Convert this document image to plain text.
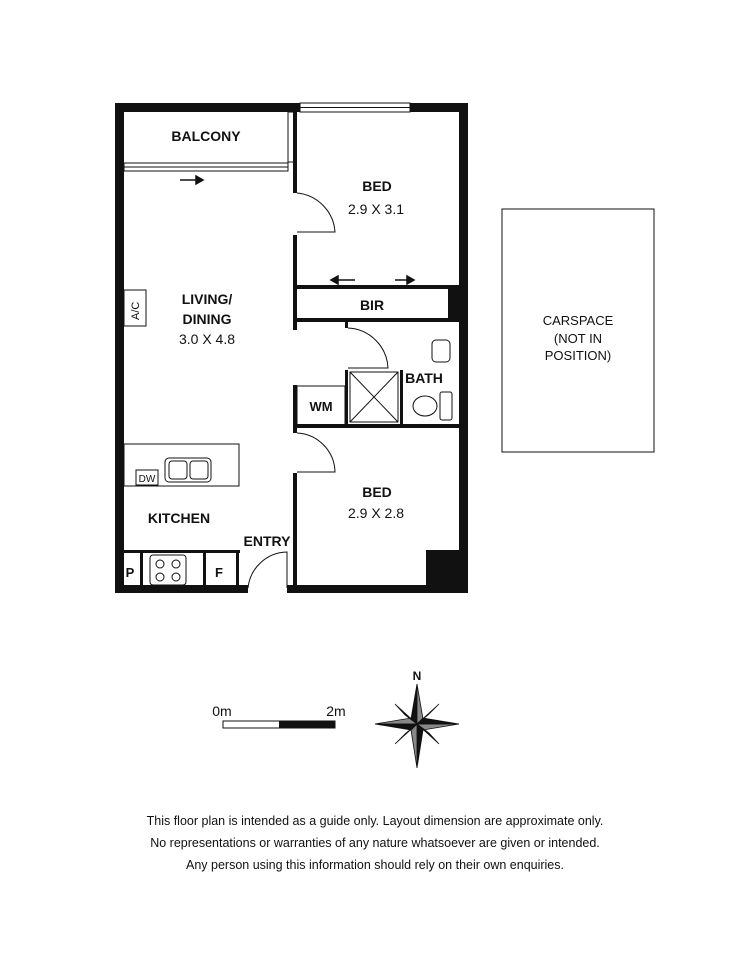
BALCONY
BED
2.9 X 3.1
LIVING/
DINING
3.0 X 4.8
BIR
BATH
WM
BED
2.9 X 2.8
KITCHEN
ENTRY
A/C
DW
P	F
CARSPACE
(NOT IN
POSITION)
0m	2m
N
This floor plan is intended as a guide only. Layout dimension are approximate only.
No representations or warranties of any nature whatsoever are given or intended.
Any person using this information should rely on their own enquiries.
